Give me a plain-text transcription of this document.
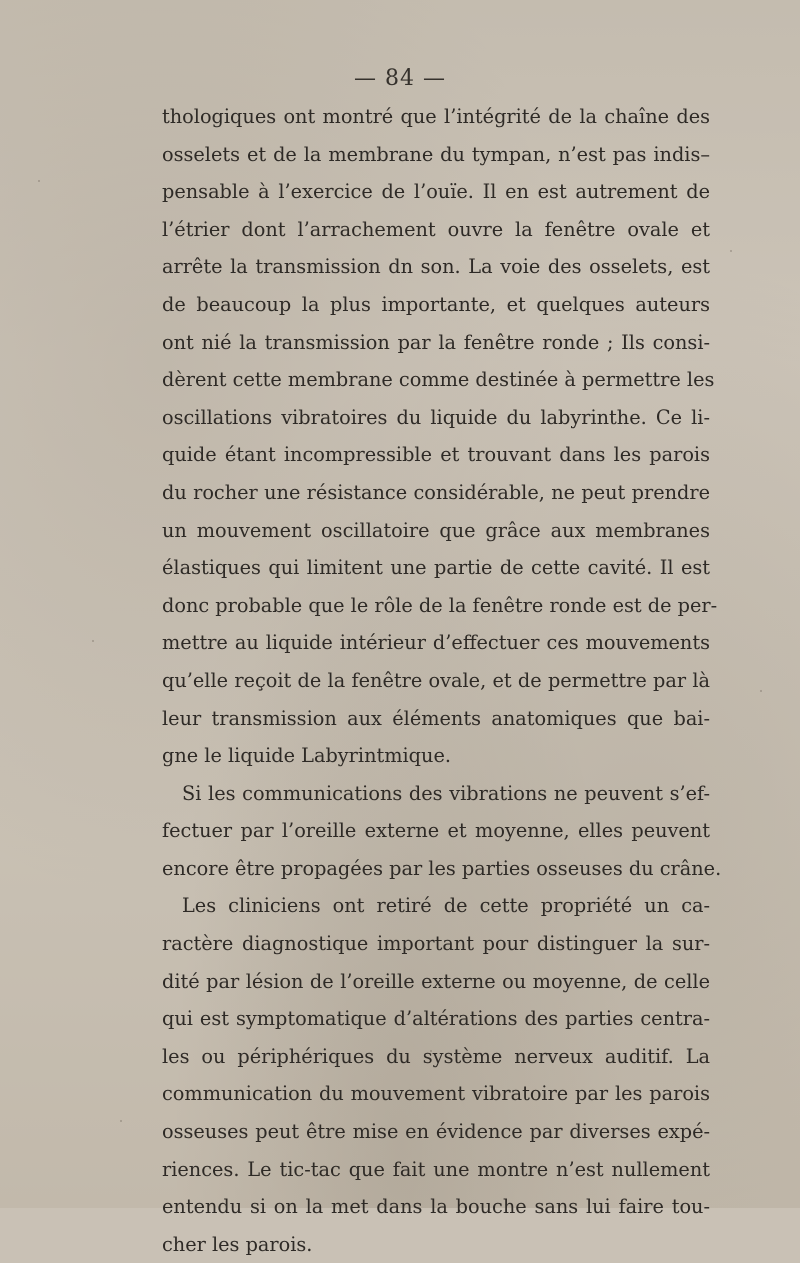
— 84 —
thologiques ont montré que l’intégrité de la chaîne des
osselets et de la membrane du tympan, n’est pas indis–
pensable à l’exercice de l’ouïe. Il en est autrement de
l’étrier dont l’arrachement ouvre la fenêtre ovale et
arrête la transmission dn son. La voie des osselets, est
de beaucoup la plus importante, et quelques auteurs
ont nié la transmission par la fenêtre ronde ; Ils consi-
dèrent cette membrane comme destinée à permettre les
oscillations vibratoires du liquide du labyrinthe. Ce li-
quide étant incompressible et trouvant dans les parois
du rocher une résistance considérable, ne peut prendre
un mouvement oscillatoire que grâce aux membranes
élastiques qui limitent une partie de cette cavité. Il est
donc probable que le rôle de la fenêtre ronde est de per-
mettre au liquide intérieur d’effectuer ces mouvements
qu’elle reçoit de la fenêtre ovale, et de permettre par là
leur transmission aux éléments anatomiques que bai-
gne le liquide Labyrintmique.
Si les communications des vibrations ne peuvent s’ef-
fectuer par l’oreille externe et moyenne, elles peuvent
encore être propagées par les parties osseuses du crâne.
Les cliniciens ont retiré de cette propriété un ca-
ractère diagnostique important pour distinguer la sur-
dité par lésion de l’oreille externe ou moyenne, de celle
qui est symptomatique d’altérations des parties centra-
les ou périphériques du système nerveux auditif. La
communication du mouvement vibratoire par les parois
osseuses peut être mise en évidence par diverses expé-
riences. Le tic-tac que fait une montre n’est nullement
entendu si on la met dans la bouche sans lui faire tou-
cher les parois.
